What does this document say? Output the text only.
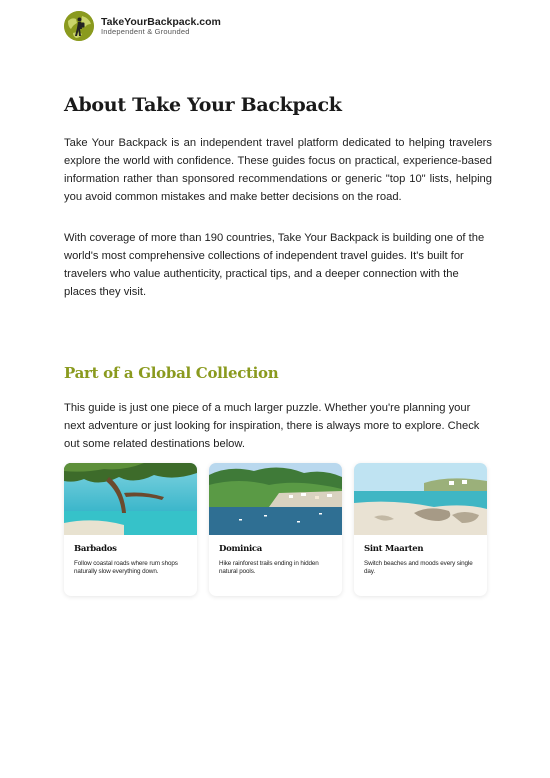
TakeYourBackpack.com
Independent & Grounded
About Take Your Backpack

Take Your Backpack is an independent travel platform dedicated to helping travelers explore the world with confidence. These guides focus on practical, experience-based information rather than sponsored recommendations or generic "top 10" lists, helping you avoid common mistakes and make better decisions on the road.

With coverage of more than 190 countries, Take Your Backpack is building one of the world's most comprehensive collections of independent travel guides. It's built for travelers who value authenticity, practical tips, and a deeper connection with the places they visit.

Part of a Global Collection

This guide is just one piece of a much larger puzzle. Whether you're planning your next adventure or just looking for inspiration, there is always more to explore. Check out some related destinations below.

Barbados
Follow coastal roads where rum shops naturally slow everything down.
Dominica
Hike rainforest trails ending in hidden natural pools.
Sint Maarten
Switch beaches and moods every single day.
